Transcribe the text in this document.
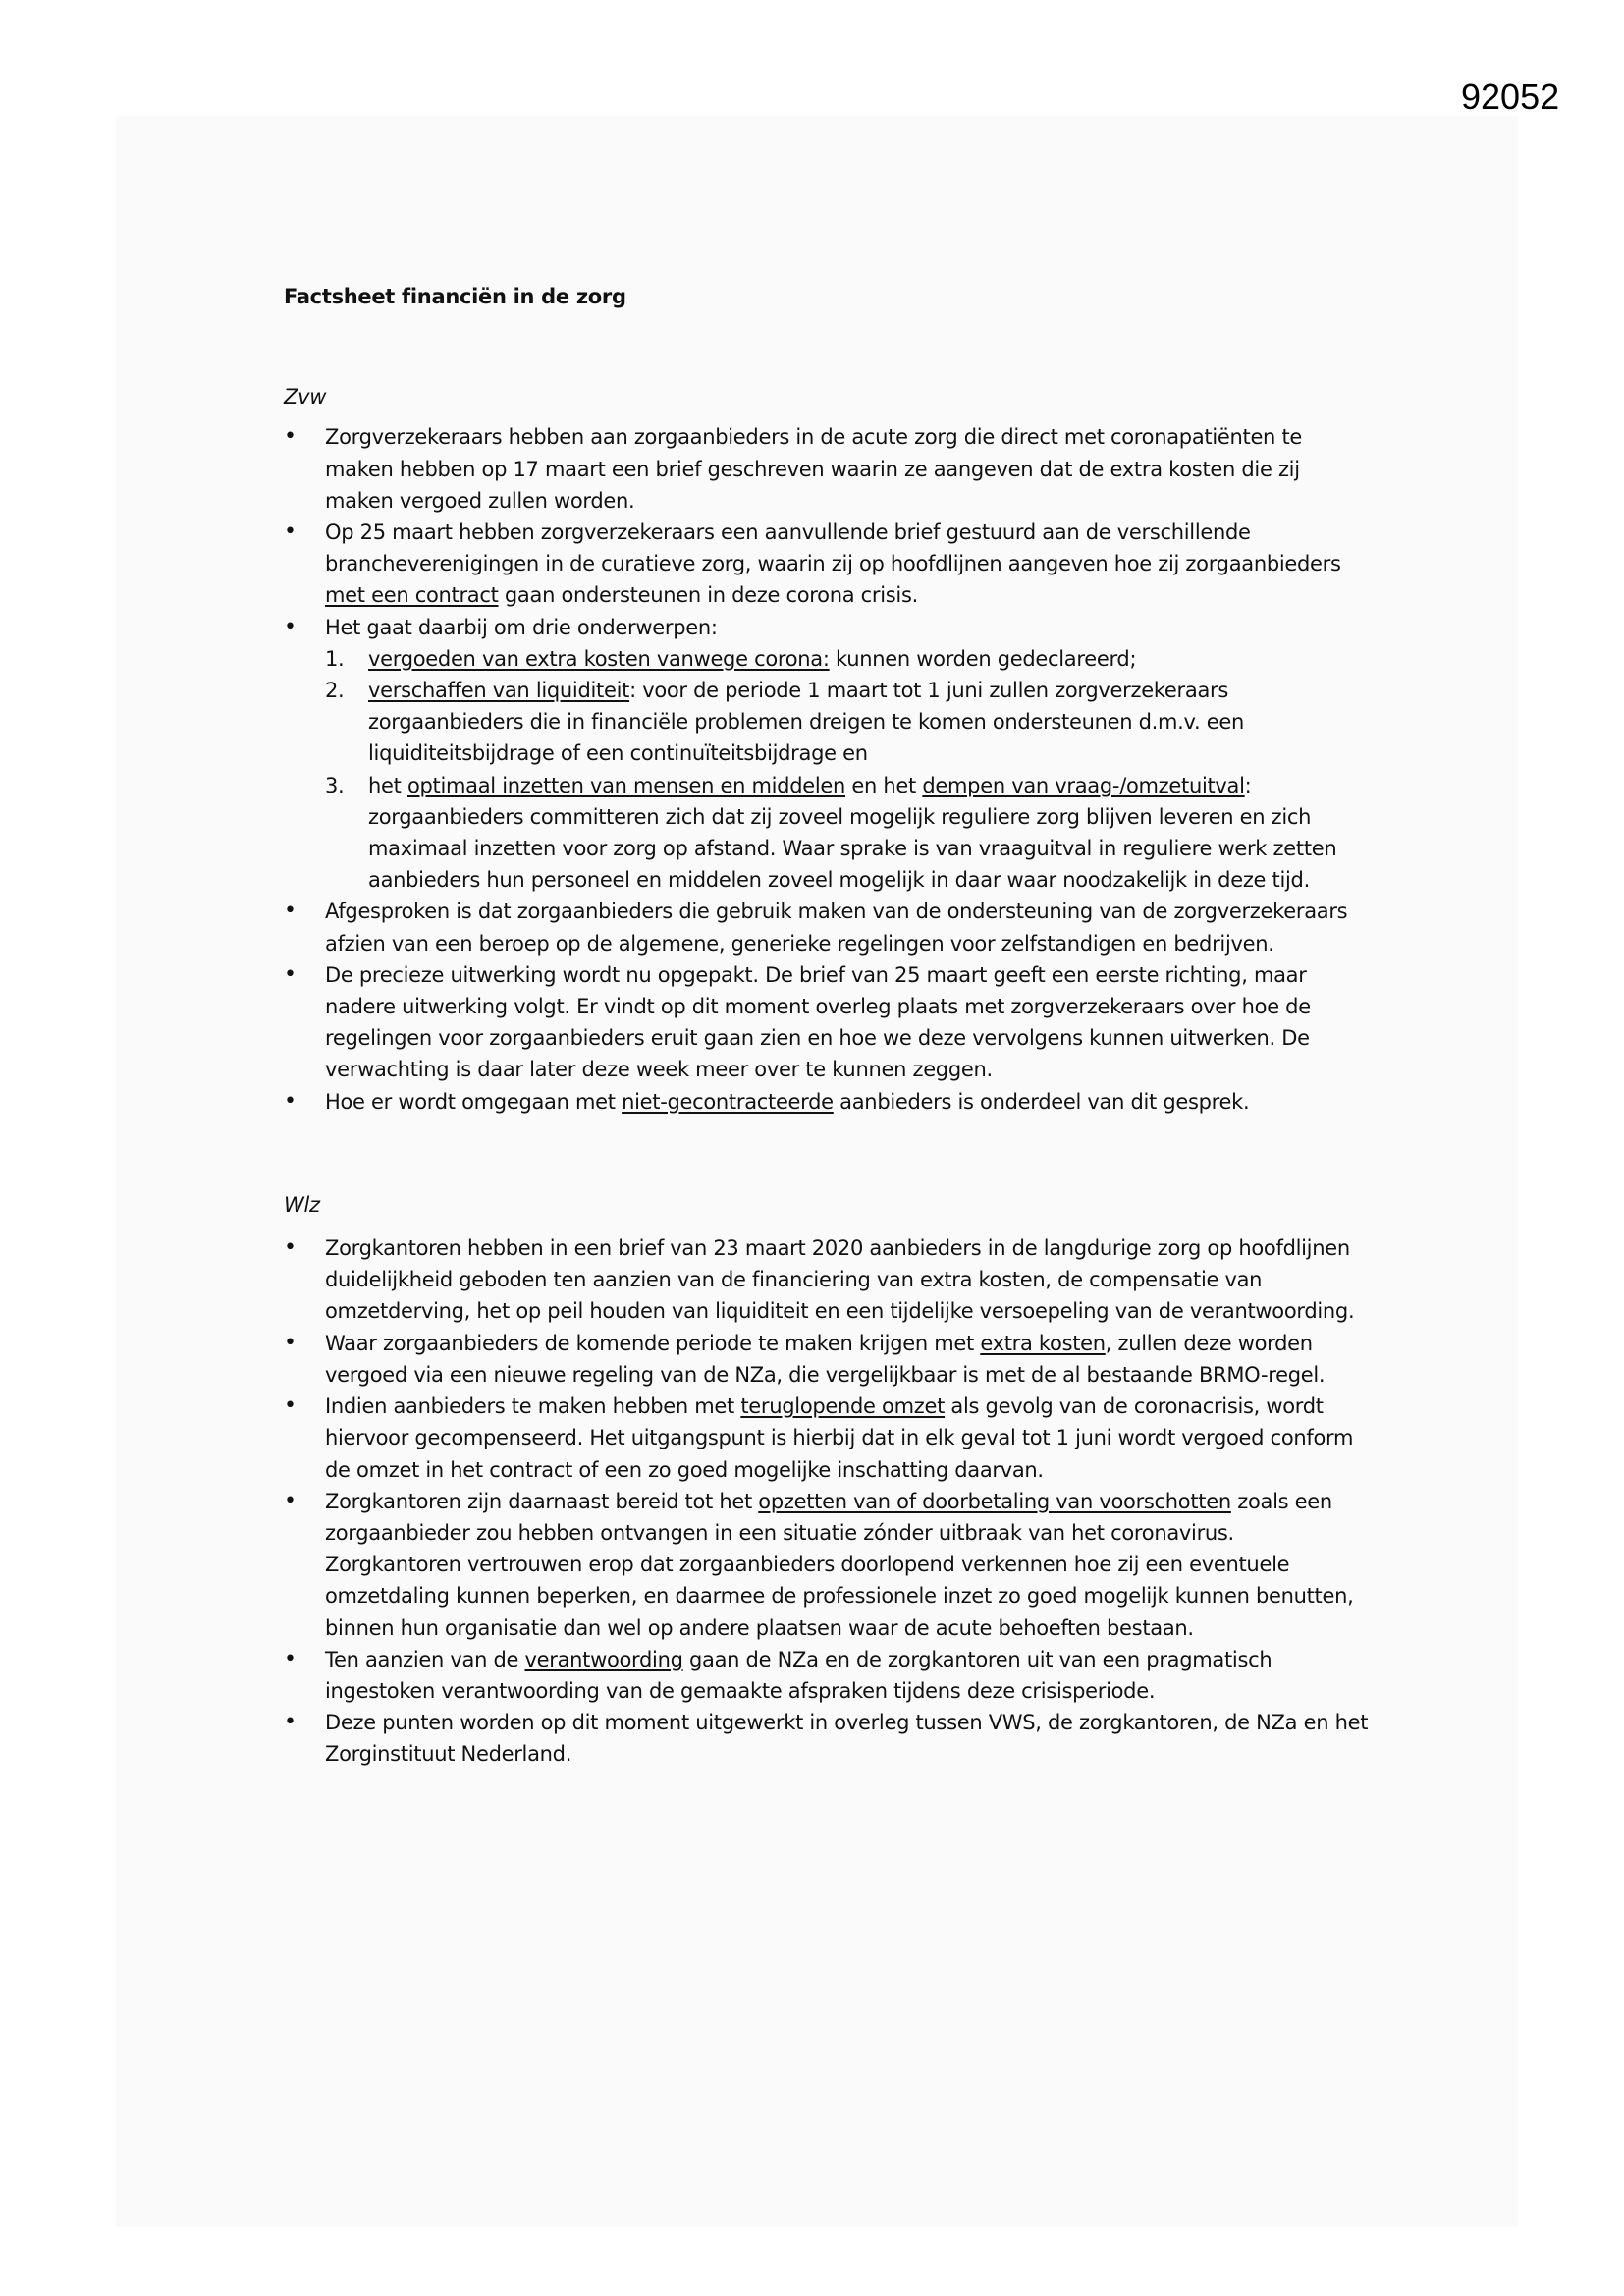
92052

Factsheet financiën in de zorg

Zvw

• Zorgverzekeraars hebben aan zorgaanbieders in de acute zorg die direct met coronapatiënten te maken hebben op 17 maart een brief geschreven waarin ze aangeven dat de extra kosten die zij maken vergoed zullen worden.
• Op 25 maart hebben zorgverzekeraars een aanvullende brief gestuurd aan de verschillende brancheverenigingen in de curatieve zorg, waarin zij op hoofdlijnen aangeven hoe zij zorgaanbieders met een contract gaan ondersteunen in deze corona crisis.
• Het gaat daarbij om drie onderwerpen:
1. vergoeden van extra kosten vanwege corona: kunnen worden gedeclareerd;
2. verschaffen van liquiditeit: voor de periode 1 maart tot 1 juni zullen zorgverzekeraars zorgaanbieders die in financiële problemen dreigen te komen ondersteunen d.m.v. een liquiditeitsbijdrage of een continuïteitsbijdrage en
3. het optimaal inzetten van mensen en middelen en het dempen van vraag-/omzetuitval: zorgaanbieders committeren zich dat zij zoveel mogelijk reguliere zorg blijven leveren en zich maximaal inzetten voor zorg op afstand. Waar sprake is van vraaguitval in reguliere werk zetten aanbieders hun personeel en middelen zoveel mogelijk in daar waar noodzakelijk in deze tijd.
• Afgesproken is dat zorgaanbieders die gebruik maken van de ondersteuning van de zorgverzekeraars afzien van een beroep op de algemene, generieke regelingen voor zelfstandigen en bedrijven.
• De precieze uitwerking wordt nu opgepakt. De brief van 25 maart geeft een eerste richting, maar nadere uitwerking volgt. Er vindt op dit moment overleg plaats met zorgverzekeraars over hoe de regelingen voor zorgaanbieders eruit gaan zien en hoe we deze vervolgens kunnen uitwerken. De verwachting is daar later deze week meer over te kunnen zeggen.
• Hoe er wordt omgegaan met niet-gecontracteerde aanbieders is onderdeel van dit gesprek.

Wlz

• Zorgkantoren hebben in een brief van 23 maart 2020 aanbieders in de langdurige zorg op hoofdlijnen duidelijkheid geboden ten aanzien van de financiering van extra kosten, de compensatie van omzetderving, het op peil houden van liquiditeit en een tijdelijke versoepeling van de verantwoording.
• Waar zorgaanbieders de komende periode te maken krijgen met extra kosten, zullen deze worden vergoed via een nieuwe regeling van de NZa, die vergelijkbaar is met de al bestaande BRMO-regel.
• Indien aanbieders te maken hebben met teruglopende omzet als gevolg van de coronacrisis, wordt hiervoor gecompenseerd. Het uitgangspunt is hierbij dat in elk geval tot 1 juni wordt vergoed conform de omzet in het contract of een zo goed mogelijke inschatting daarvan.
• Zorgkantoren zijn daarnaast bereid tot het opzetten van of doorbetaling van voorschotten zoals een zorgaanbieder zou hebben ontvangen in een situatie zónder uitbraak van het coronavirus. Zorgkantoren vertrouwen erop dat zorgaanbieders doorlopend verkennen hoe zij een eventuele omzetdaling kunnen beperken, en daarmee de professionele inzet zo goed mogelijk kunnen benutten, binnen hun organisatie dan wel op andere plaatsen waar de acute behoeften bestaan.
• Ten aanzien van de verantwoording gaan de NZa en de zorgkantoren uit van een pragmatisch ingestoken verantwoording van de gemaakte afspraken tijdens deze crisisperiode.
• Deze punten worden op dit moment uitgewerkt in overleg tussen VWS, de zorgkantoren, de NZa en het Zorginstituut Nederland.
